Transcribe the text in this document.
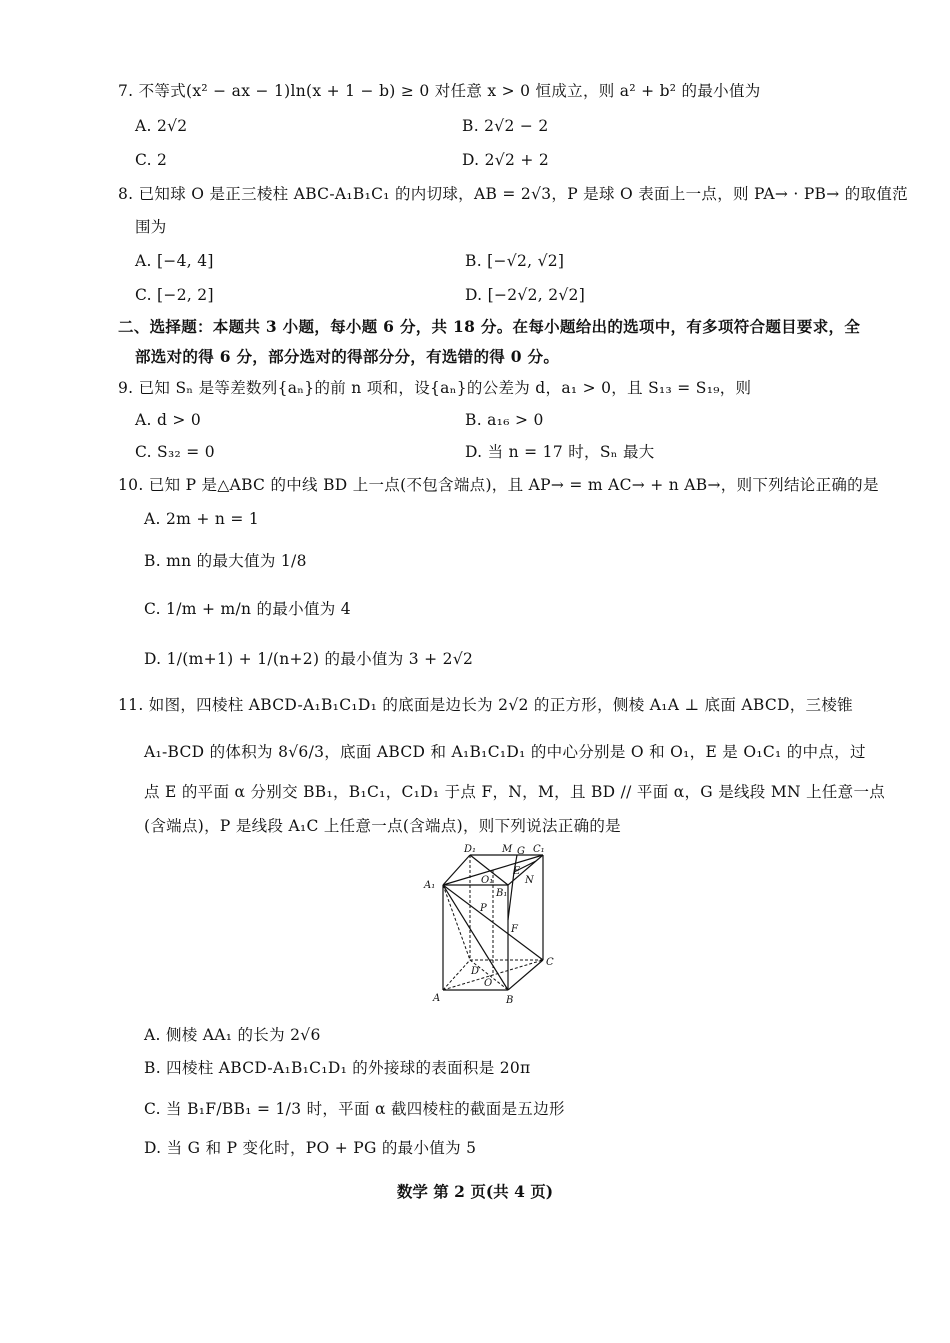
7. 不等式(x² − ax − 1)ln(x + 1 − b) ≥ 0 对任意 x > 0 恒成立，则 a² + b² 的最小值为
A. 2√2	B. 2√2 − 2
C. 2	D. 2√2 + 2
8. 已知球 O 是正三棱柱 ABC-A₁B₁C₁ 的内切球，AB = 2√3，P 是球 O 表面上一点，则 PA→ · PB→ 的取值范
围为
A. [−4, 4]	B. [−√2, √2]
C. [−2, 2]	D. [−2√2, 2√2]
二、选择题：本题共 3 小题，每小题 6 分，共 18 分。在每小题给出的选项中，有多项符合题目要求，全
部选对的得 6 分，部分选对的得部分分，有选错的得 0 分。
9. 已知 Sₙ 是等差数列{aₙ}的前 n 项和，设{aₙ}的公差为 d，a₁ > 0，且 S₁₃ = S₁₉，则
A. d > 0	B. a₁₆ > 0
C. S₃₂ = 0	D. 当 n = 17 时，Sₙ 最大
10. 已知 P 是△ABC 的中线 BD 上一点(不包含端点)，且 AP→ = m AC→ + n AB→，则下列结论正确的是
A. 2m + n = 1
B. mn 的最大值为 1/8
C. 1/m + m/n 的最小值为 4
D. 1/(m+1) + 1/(n+2) 的最小值为 3 + 2√2
11. 如图，四棱柱 ABCD-A₁B₁C₁D₁ 的底面是边长为 2√2 的正方形，侧棱 A₁A ⊥ 底面 ABCD，三棱锥
A₁-BCD 的体积为 8√6/3，底面 ABCD 和 A₁B₁C₁D₁ 的中心分别是 O 和 O₁，E 是 O₁C₁ 的中点，过
点 E 的平面 α 分别交 BB₁，B₁C₁，C₁D₁ 于点 F，N，M，且 BD // 平面 α，G 是线段 MN 上任意一点
(含端点)，P 是线段 A₁C 上任意一点(含端点)，则下列说法正确的是
D₁	M G C₁
A₁	O₁
E
N
B₁
P
F
C
D
O
A	B
A. 侧棱 AA₁ 的长为 2√6
B. 四棱柱 ABCD-A₁B₁C₁D₁ 的外接球的表面积是 20π
C. 当 B₁F/BB₁ = 1/3 时，平面 α 截四棱柱的截面是五边形
D. 当 G 和 P 变化时，PO + PG 的最小值为 5
数学 第 2 页(共 4 页)
